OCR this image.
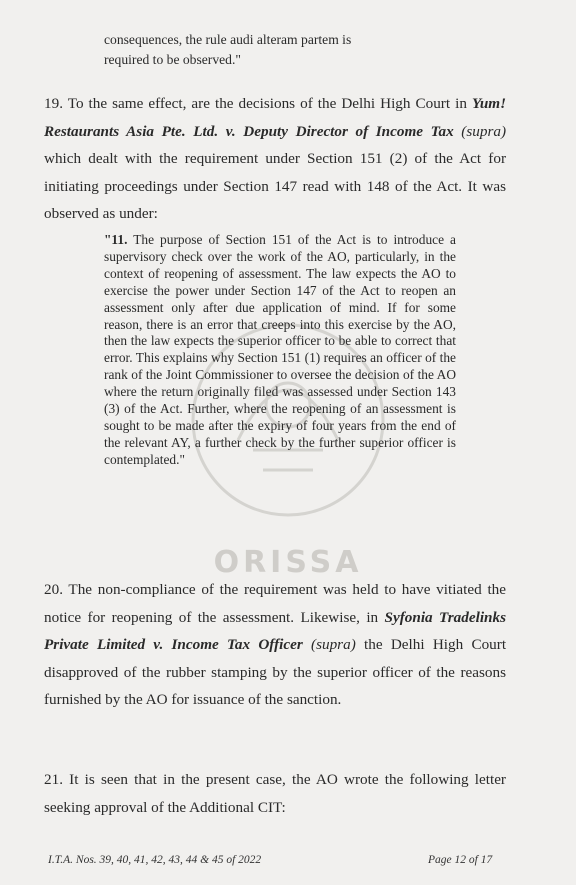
ORISSA
consequences, the rule audi alteram partem is
required to be observed."
19. To the same effect, are the decisions of the Delhi High Court in Yum! Restaurants Asia Pte. Ltd. v. Deputy Director of Income Tax (supra) which dealt with the requirement under Section 151 (2) of the Act for initiating proceedings under Section 147 read with 148 of the Act. It was observed as under:
"11. The purpose of Section 151 of the Act is to introduce a supervisory check over the work of the AO, particularly, in the context of reopening of assessment. The law expects the AO to exercise the power under Section 147 of the Act to reopen an assessment only after due application of mind. If for some reason, there is an error that creeps into this exercise by the AO, then the law expects the superior officer to be able to correct that error. This explains why Section 151 (1) requires an officer of the rank of the Joint Commissioner to oversee the decision of the AO where the return originally filed was assessed under Section 143 (3) of the Act. Further, where the reopening of an assessment is sought to be made after the expiry of four years from the end of the relevant AY, a further check by the further superior officer is contemplated."
20. The non-compliance of the requirement was held to have vitiated the notice for reopening of the assessment. Likewise, in Syfonia Tradelinks Private Limited v. Income Tax Officer (supra) the Delhi High Court disapproved of the rubber stamping by the superior officer of the reasons furnished by the AO for issuance of the sanction.
21. It is seen that in the present case, the AO wrote the following letter seeking approval of the Additional CIT:
I.T.A. Nos. 39, 40, 41, 42, 43, 44 & 45 of 2022	Page 12 of 17
